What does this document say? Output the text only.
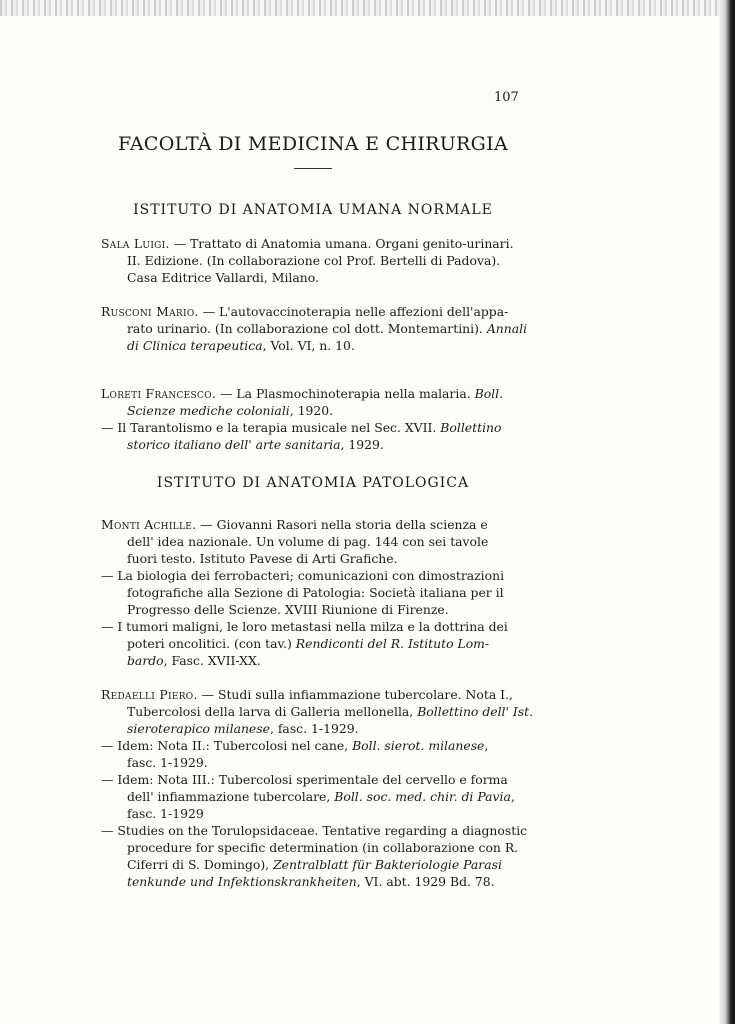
107
FACOLTÀ DI MEDICINA E CHIRURGIA
ISTITUTO DI ANATOMIA UMANA NORMALE
Sala Luigi. — Trattato di Anatomia umana. Organi genito-urinari.
II. Edizione. (In collaborazione col Prof. Bertelli di Padova).
Casa Editrice Vallardi, Milano.
Rusconi Mario. — L'autovaccinoterapia nelle affezioni dell'appa-
rato urinario. (In collaborazione col dott. Montemartini). Annali
di Clinica terapeutica, Vol. VI, n. 10.
Loreti Francesco. — La Plasmochinoterapia nella malaria. Boll.
Scienze mediche coloniali, 1920.
— Il Tarantolismo e la terapia musicale nel Sec. XVII. Bollettino
storico italiano dell' arte sanitaria, 1929.
ISTITUTO DI ANATOMIA PATOLOGICA
Monti Achille. — Giovanni Rasori nella storia della scienza e
dell' idea nazionale. Un volume di pag. 144 con sei tavole
fuori testo. Istituto Pavese di Arti Grafiche.
— La biologia dei ferrobacteri; comunicazioni con dimostrazioni
fotografiche alla Sezione di Patologia: Società italiana per il
Progresso delle Scienze. XVIII Riunione di Firenze.
— I tumori maligni, le loro metastasi nella milza e la dottrina dei
poteri oncolitici. (con tav.) Rendiconti del R. Istituto Lom-
bardo, Fasc. XVII-XX.
Redaelli Piero. — Studi sulla infiammazione tubercolare. Nota I.,
Tubercolosi della larva di Galleria mellonella, Bollettino dell' Ist.
sieroterapico milanese, fasc. 1-1929.
— Idem: Nota II.: Tubercolosi nel cane, Boll. sierot. milanese,
fasc. 1-1929.
— Idem: Nota III.: Tubercolosi sperimentale del cervello e forma
dell' infiammazione tubercolare, Boll. soc. med. chir. di Pavia,
fasc. 1-1929
— Studies on the Torulopsidaceae. Tentative regarding a diagnostic
procedure for specific determination (in collaborazione con R.
Ciferri di S. Domingo), Zentralblatt für Bakteriologie Parasi
tenkunde und Infektionskrankheiten, VI. abt. 1929 Bd. 78.
